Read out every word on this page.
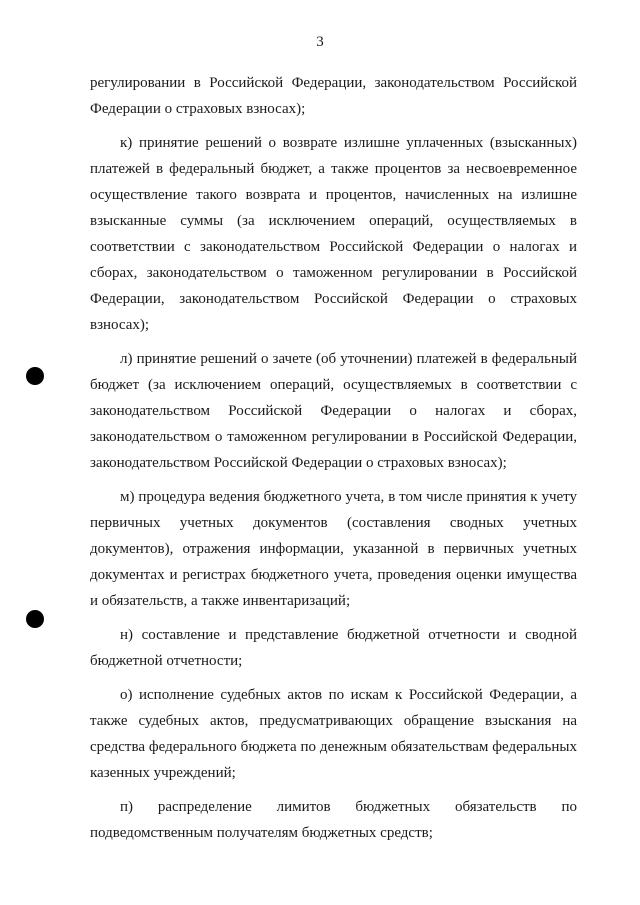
3

регулировании в Российской Федерации, законодательством Российской Федерации о страховых взносах);

к) принятие решений о возврате излишне уплаченных (взысканных) платежей в федеральный бюджет, а также процентов за несвоевременное осуществление такого возврата и процентов, начисленных на излишне взысканные суммы (за исключением операций, осуществляемых в соответствии с законодательством Российской Федерации о налогах и сборах, законодательством о таможенном регулировании в Российской Федерации, законодательством Российской Федерации о страховых взносах);

л) принятие решений о зачете (об уточнении) платежей в федеральный бюджет (за исключением операций, осуществляемых в соответствии с законодательством Российской Федерации о налогах и сборах, законодательством о таможенном регулировании в Российской Федерации, законодательством Российской Федерации о страховых взносах);

м) процедура ведения бюджетного учета, в том числе принятия к учету первичных учетных документов (составления сводных учетных документов), отражения информации, указанной в первичных учетных документах и регистрах бюджетного учета, проведения оценки имущества и обязательств, а также инвентаризаций;

н) составление и представление бюджетной отчетности и сводной бюджетной отчетности;

о) исполнение судебных актов по искам к Российской Федерации, а также судебных актов, предусматривающих обращение взыскания на средства федерального бюджета по денежным обязательствам федеральных казенных учреждений;

п) распределение лимитов бюджетных обязательств по подведомственным получателям бюджетных средств;
